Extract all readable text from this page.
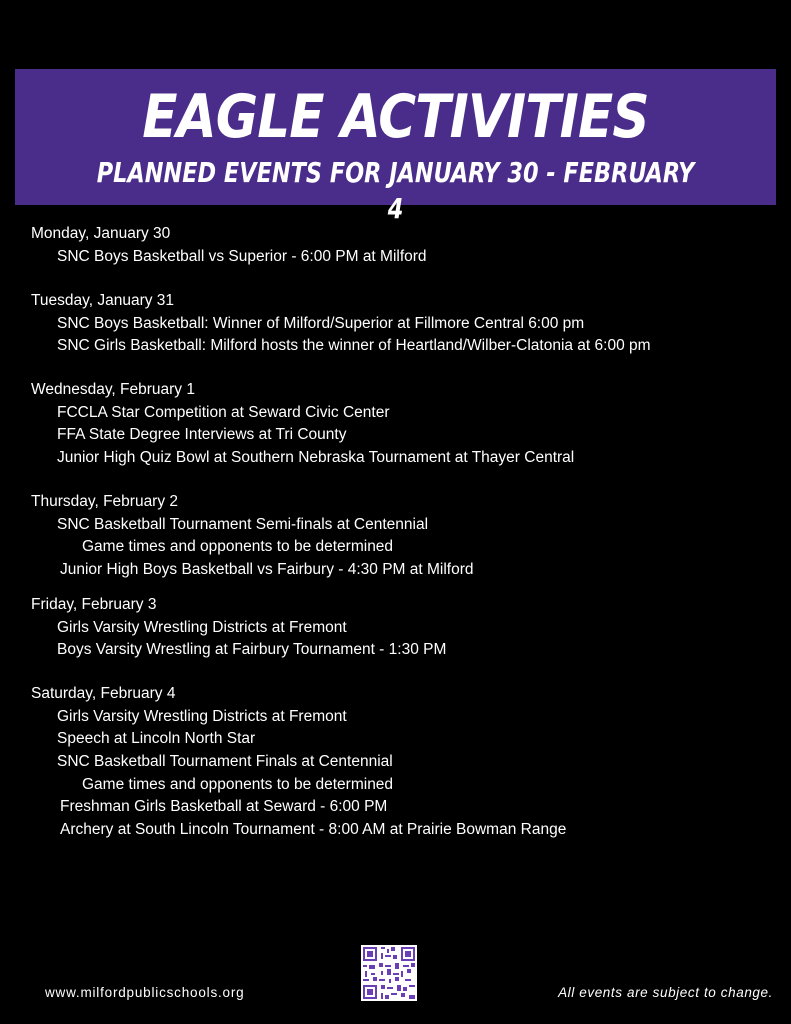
EAGLE ACTIVITIES
PLANNED EVENTS FOR JANUARY 30 - FEBRUARY 4
Monday, January 30
SNC Boys Basketball vs Superior - 6:00 PM at Milford
Tuesday, January 31
SNC Boys Basketball: Winner of Milford/Superior at Fillmore Central 6:00 pm
SNC Girls Basketball: Milford hosts the winner of Heartland/Wilber-Clatonia at 6:00 pm
Wednesday, February 1
FCCLA Star Competition at Seward Civic Center
FFA State Degree Interviews at Tri County
Junior High Quiz Bowl at Southern Nebraska Tournament at Thayer Central
Thursday, February 2
SNC Basketball Tournament Semi-finals at Centennial
Game times and opponents to be determined
Junior High Boys Basketball vs Fairbury - 4:30 PM at Milford
Friday, February 3
Girls Varsity Wrestling Districts at Fremont
Boys Varsity Wrestling at Fairbury Tournament - 1:30 PM
Saturday, February 4
Girls Varsity Wrestling Districts at Fremont
Speech at Lincoln North Star
SNC Basketball Tournament Finals at Centennial
Game times and opponents to be determined
Freshman Girls Basketball at Seward - 6:00 PM
Archery at South Lincoln Tournament - 8:00 AM at Prairie Bowman Range
www.milfordpublicschools.org	All events are subject to change.
